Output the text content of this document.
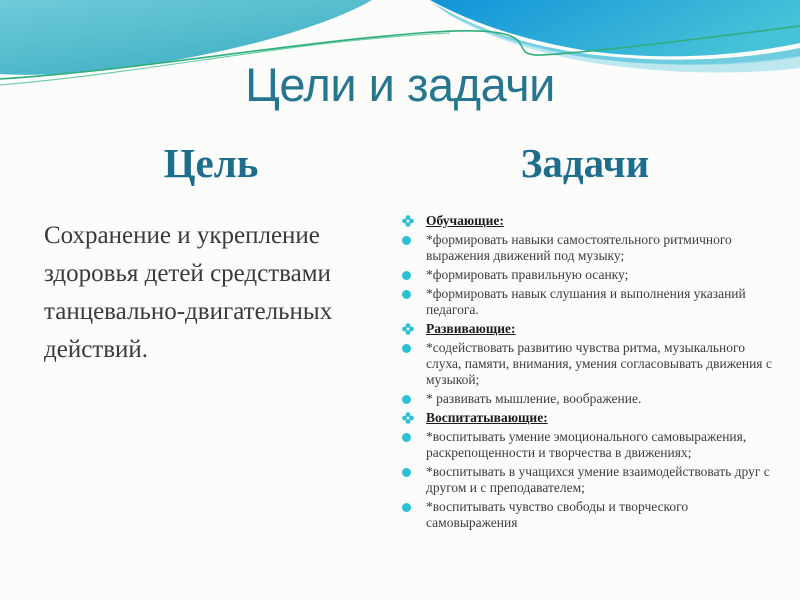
Цели и задачи
Цель
Сохранение и укрепление
здоровья детей средствами
танцевально-двигательных
действий.
Задачи
Обучающие:
*формировать навыки самостоятельного ритмичного выражения движений под музыку;
*формировать правильную осанку;
*формировать навык слушания и выполнения указаний педагога.
Развивающие:
*содействовать развитию чувства ритма, музыкального слуха, памяти, внимания, умения согласовывать движения с музыкой;
* развивать мышление, воображение.
Воспитатывающие:
*воспитывать умение эмоционального самовыражения, раскрепощенности и творчества в движениях;
*воспитывать в учащихся умение взаимодействовать друг с другом и с преподавателем;
*воспитывать чувство свободы и творческого самовыражения
